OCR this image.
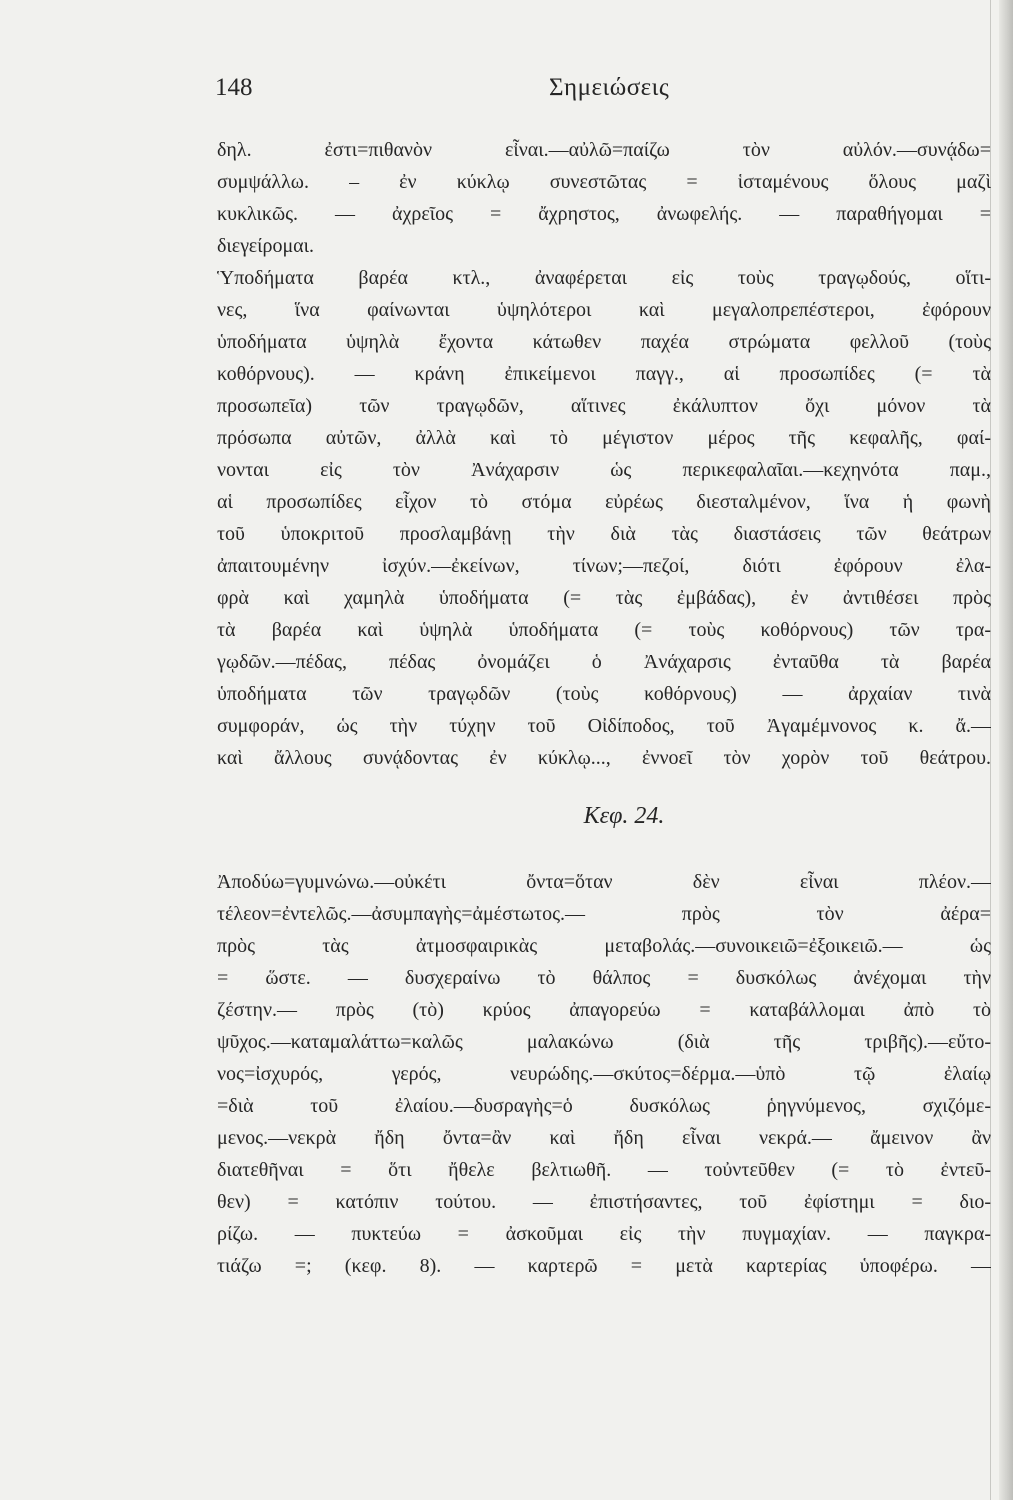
148	Σημειώσεις
δηλ. ἐστι=πιθανὸν εἶναι.—αὐλῶ=παίζω τὸν αὐλόν.—συνᾴδω=
συμψάλλω. – ἐν κύκλῳ συνεστῶτας = ἱσταμένους ὅλους μαζὶ
κυκλικῶς. — ἀχρεῖος = ἄχρηστος, ἀνωφελής. — παραθήγομαι =
διεγείρομαι.
Ὑποδήματα βαρέα κτλ., ἀναφέρεται εἰς τοὺς τραγῳδούς, οἵτι-
νες, ἵνα φαίνωνται ὑψηλότεροι καὶ μεγαλοπρεπέστεροι, ἐφόρουν
ὑποδήματα ὑψηλὰ ἔχοντα κάτωθεν παχέα στρώματα φελλοῦ (τοὺς
κοθόρνους). — κράνη ἐπικείμενοι παγγ., αἱ προσωπίδες (= τὰ
προσωπεῖα) τῶν τραγῳδῶν, αἵτινες ἐκάλυπτον ὄχι μόνον τὰ
πρόσωπα αὐτῶν, ἀλλὰ καὶ τὸ μέγιστον μέρος τῆς κεφαλῆς, φαί-
νονται εἰς τὸν Ἀνάχαρσιν ὡς περικεφαλαῖαι.—κεχηνότα παμ.,
αἱ προσωπίδες εἶχον τὸ στόμα εὐρέως διεσταλμένον, ἵνα ἡ φωνὴ
τοῦ ὑποκριτοῦ προσλαμβάνῃ τὴν διὰ τὰς διαστάσεις τῶν θεάτρων
ἀπαιτουμένην ἰσχύν.—ἐκείνων, τίνων;—πεζοί, διότι ἐφόρουν ἐλα-
φρὰ καὶ χαμηλὰ ὑποδήματα (= τὰς ἐμβάδας), ἐν ἀντιθέσει πρὸς
τὰ βαρέα καὶ ὑψηλὰ ὑποδήματα (= τοὺς κοθόρνους) τῶν τρα-
γῳδῶν.—πέδας, πέδας ὀνομάζει ὁ Ἀνάχαρσις ἐνταῦθα τὰ βαρέα
ὑποδήματα τῶν τραγῳδῶν (τοὺς κοθόρνους) — ἀρχαίαν τινὰ
συμφοράν, ὡς τὴν τύχην τοῦ Οἰδίποδος, τοῦ Ἀγαμέμνονος κ. ἄ.—
καὶ ἄλλους συνᾴδοντας ἐν κύκλῳ..., ἐννοεῖ τὸν χορὸν τοῦ θεάτρου.
Κεφ. 24.
Ἀποδύω=γυμνώνω.—οὐκέτι ὄντα=ὅταν δὲν εἶναι πλέον.—
τέλεον=ἐντελῶς.—ἀσυμπαγὴς=ἀμέστωτος.— πρὸς τὸν ἀέρα=
πρὸς τὰς ἀτμοσφαιρικὰς μεταβολάς.—συνοικειῶ=ἐξοικειῶ.— ὡς
= ὥστε. — δυσχεραίνω τὸ θάλπος = δυσκόλως ἀνέχομαι τὴν
ζέστην.— πρὸς (τὸ) κρύος ἀπαγορεύω = καταβάλλομαι ἀπὸ τὸ
ψῦχος.—καταμαλάττω=καλῶς μαλακώνω (διὰ τῆς τριβῆς).—εὔτο-
νος=ἰσχυρός, γερός, νευρώδης.—σκύτος=δέρμα.—ὑπὸ τῷ ἐλαίῳ
=διὰ τοῦ ἐλαίου.—δυσραγὴς=ὁ δυσκόλως ῥηγνύμενος, σχιζόμε-
μενος.—νεκρὰ ἤδη ὄντα=ἂν καὶ ἤδη εἶναι νεκρά.— ἄμεινον ἂν
διατεθῆναι = ὅτι ἤθελε βελτιωθῆ. — τοὐντεῦθεν (= τὸ ἐντεῦ-
θεν) = κατόπιν τούτου. — ἐπιστήσαντες, τοῦ ἐφίστημι = διο-
ρίζω. — πυκτεύω = ἀσκοῦμαι εἰς τὴν πυγμαχίαν. — παγκρα-
τιάζω =; (κεφ. 8). — καρτερῶ = μετὰ καρτερίας ὑποφέρω. —
